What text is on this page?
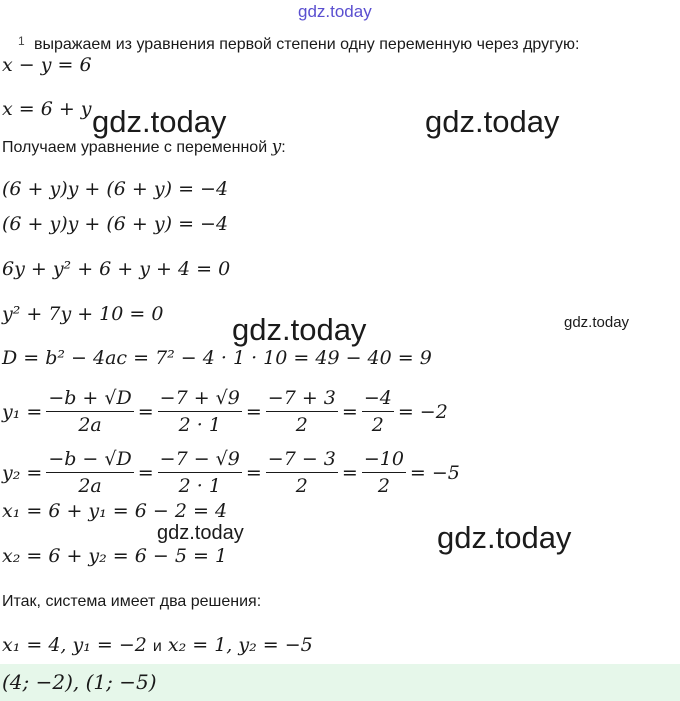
gdz.today
1 выражаем из уравнения первой степени одну переменную через другую:
x − y = 6
x = 6 + y
Получаем уравнение с переменной y:
(6 + y)y + (6 + y) = −4
(6 + y)y + (6 + y) = −4
6y + y² + 6 + y + 4 = 0
y² + 7y + 10 = 0
D = b² − 4ac = 7² − 4 · 1 · 10 = 49 − 40 = 9
$y_1 = \frac{-b + √D}{2a} = \frac{-7 + √9}{2 \cdot 1} = \frac{-7 + 3}{2} = \frac{-4}{2} = -2$
$y_2 = \frac{-b - √D}{2a} = \frac{-7 - √9}{2 \cdot 1} = \frac{-7 - 3}{2} = \frac{-10}{2} = -5$
x₁ = 6 + y₁ = 6 − 2 = 4
x₂ = 6 + y₂ = 6 − 5 = 1
Итак, система имеет два решения:
x₁ = 4, y₁ = −2 и x₂ = 1, y₂ = −5
(4; −2), (1; −5)
gdz.today	gdz.today
gdz.today	gdz.today
gdz.today	gdz.today
